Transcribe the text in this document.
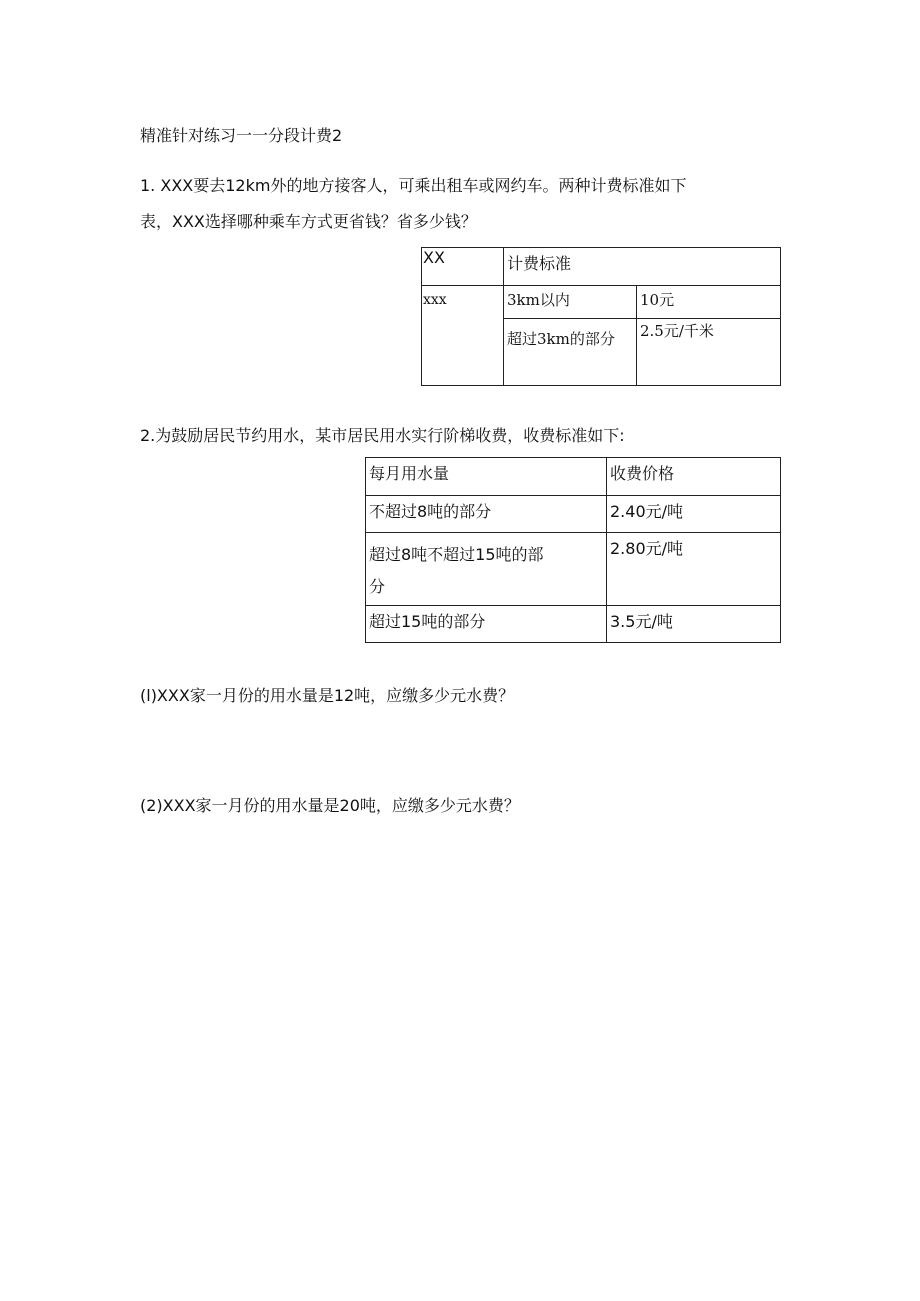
精准针对练习一一分段计费2
1. XXX要去12km外的地方接客人，可乘出租车或网约车。两种计费标准如下
表，XXX选择哪种乘车方式更省钱？省多少钱？
XX	计费标准	
xxx	3km以内	10元
	超过3km的部分	2.5元/千米
2.为鼓励居民节约用水，某市居民用水实行阶梯收费，收费标准如下:
每月用水量	收费价格
不超过8吨的部分	2.40元/吨

超过8吨不超过15吨的部
分	2.80元/吨
超过15吨的部分	3.5元/吨
(l)XXX家一月份的用水量是12吨，应缴多少元水费？
(2)XXX家一月份的用水量是20吨，应缴多少元水费？
